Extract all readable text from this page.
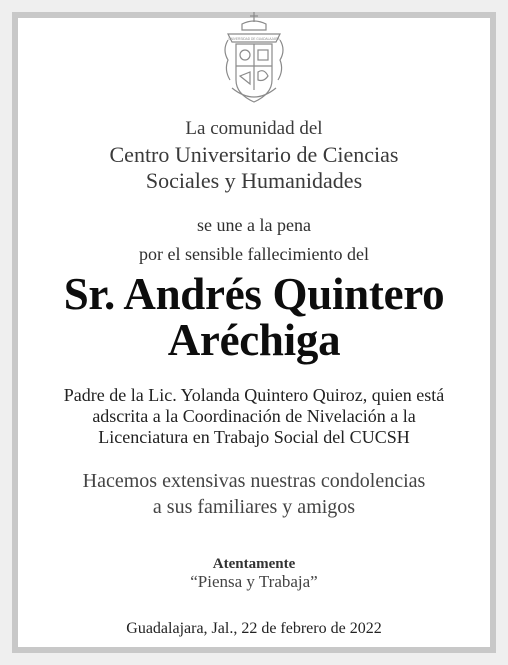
UNIVERSIDAD DE GUADALAJARA
La comunidad del
Centro Universitario de Ciencias
Sociales y Humanidades
se une a la pena
por el sensible fallecimiento del
Sr. Andrés Quintero
Aréchiga
Padre de la Lic. Yolanda Quintero Quiroz, quien está
adscrita a la Coordinación de Nivelación a la
Licenciatura en Trabajo Social del CUCSH
Hacemos extensivas nuestras condolencias
a sus familiares y amigos
Atentamente
“Piensa y Trabaja”
Guadalajara, Jal., 22 de febrero de 2022
